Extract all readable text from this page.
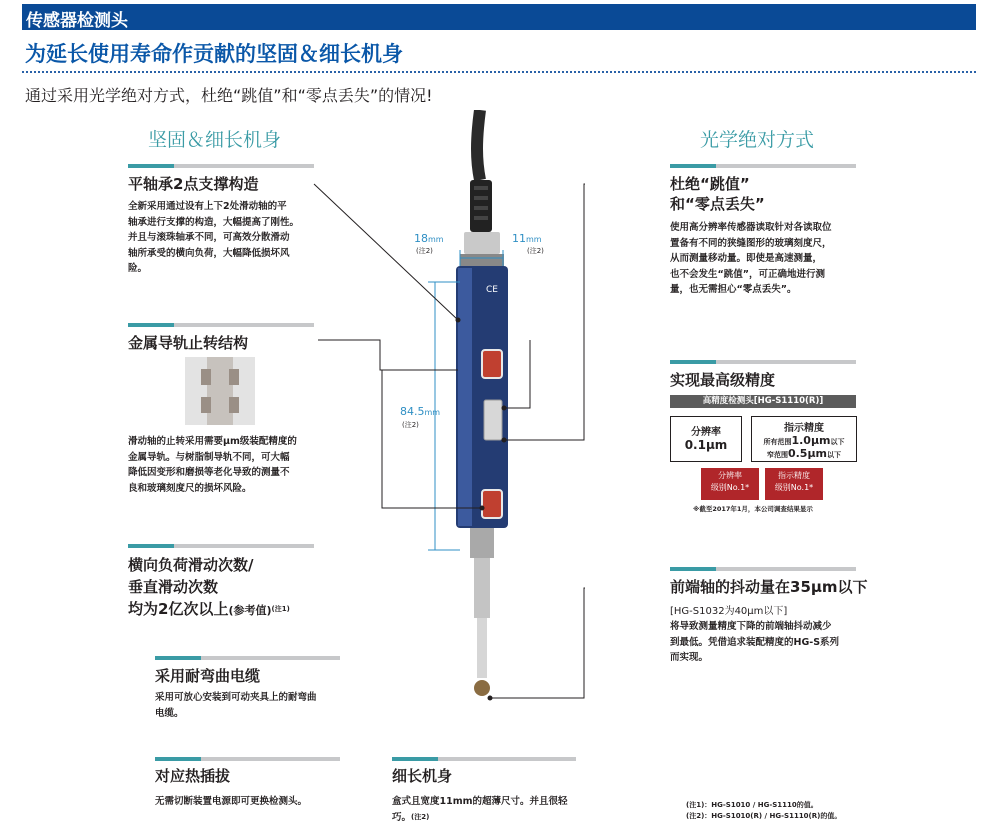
传感器检测头
为延长使用寿命作贡献的坚固＆细长机身
通过采用光学绝对方式，杜绝“跳值”和“零点丢失”的情况!
坚固＆细长机身
平轴承2点支撑构造
全新采用通过设有上下2处滑动轴的平
轴承进行支撑的构造，大幅提高了刚性。
并且与滚珠轴承不同，可高效分散滑动
轴所承受的横向负荷，大幅降低损坏风
险。
金属导轨止转结构
滑动轴的止转采用需要μm级装配精度的
金属导轨。与树脂制导轨不同，可大幅
降低因变形和磨损等老化导致的测量不
良和玻璃刻度尺的损坏风险。
横向负荷滑动次数/
垂直滑动次数
均为2亿次以上(参考值)$^{(注1)}$
采用耐弯曲电缆
采用可放心安装到可动夹具上的耐弯曲
电缆。
对应热插拔
无需切断装置电源即可更换检测头。
CE
18mm
(注2)
11mm
(注2)
84.5mm
(注2)
细长机身
盒式且宽度11mm的超薄尺寸。并且很轻
巧。$^{(注2)}$
光学绝对方式
杜绝“跳值”
和“零点丢失”
使用高分辨率传感器读取针对各读取位
置备有不同的狭缝图形的玻璃刻度尺，
从而测量移动量。即使是高速测量，
也不会发生“跳值”，可正确地进行测
量，也无需担心“零点丢失”。
实现最高级精度
高精度检测头[HG-S1110(R)]
分辨率
0.1μm
指示精度
所有范围1.0μm以下
窄范围0.5μm以下
分辨率
级别No.1*
指示精度
级别No.1*
※截至2017年1月，本公司调查结果显示
前端轴的抖动量在35μm以下
[HG-S1032为40μm以下]
将导致测量精度下降的前端轴抖动减少
到最低。凭借追求装配精度的HG-S系列
而实现。
(注1)：HG-S1010 / HG-S1110的值。
(注2)：HG-S1010(R) / HG-S1110(R)的值。
